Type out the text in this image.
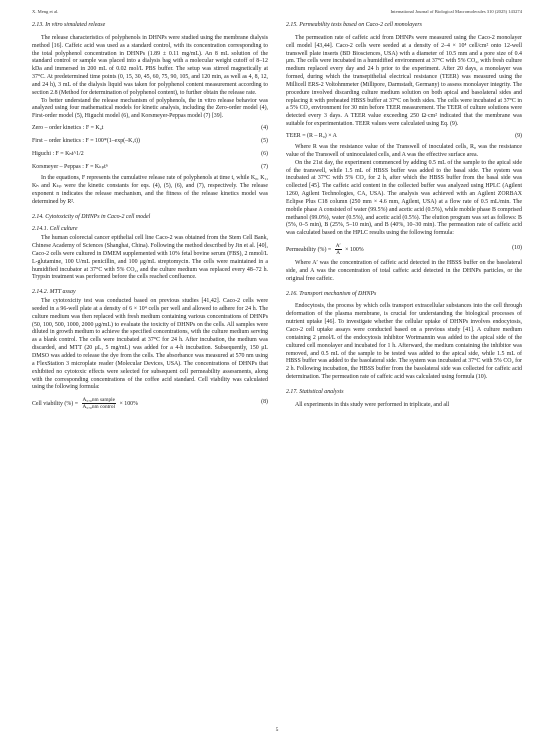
X. Meng et al.	International Journal of Biological Macromolecules 310 (2025) 143274
2.13. In vitro simulated release

The release characteristics of polyphenols in DHNPs were studied using the membrane dialysis method [16]. Caffeic acid was used as a standard control, with its concentration corresponding to the total polyphenol concentration in DHNPs (1.89 ± 0.11 mg/mL). An 8 mL solution of the standard control or sample was placed into a dialysis bag with a molecular weight cutoff of 8–12 kDa and immersed in 200 mL of 0.02 mol/L PBS buffer. The setup was stirred magnetically at 37°C. At predetermined time points (0, 15, 30, 45, 60, 75, 90, 105, and 120 min, as well as 4, 8, 12, and 24 h), 3 mL of the dialysis liquid was taken for polyphenol content measurement according to section 2.8 (Method for determination of polyphenol content), to further obtain the release rate.

To better understand the release mechanism of polyphenols, the in vitro release behavior was analyzed using four mathematical models for kinetic analysis, including the Zero-order model (4), First-order model (5), Higuchi model (6), and Korsmeyer-Peppas model (7) [39].

Zero – order kinetics : F = K₀t	(4)
First – order kinetics : F = 100*(1–exp(–K₁t))	(5)
Higuchi : F = Kₕt^1/2	(6)
Korsmeyer – Peppas : F = Kₖₚtⁿ	(7)

In the equations, F represents the cumulative release rate of polyphenols at time t, while K₀, K₁, Kₕ and Kₖₚ were the kinetic constants for eqs. (4), (5), (6), and (7), respectively. The release exponent n indicates the release mechanism, and the fitness of the release kinetics model was determined by R².

2.14. Cytotoxicity of DHNPs in Caco-2 cell model
2.14.1. Cell culture

The human colorectal cancer epithelial cell line Caco-2 was obtained from the Stem Cell Bank, Chinese Academy of Sciences (Shanghai, China). Following the method described by Jin et al. [40], Caco-2 cells were cultured in DMEM supplemented with 10% fetal bovine serum (FBS), 2 mmol/L L-glutamine, 100 U/mL penicillin, and 100 μg/mL streptomycin. The cells were maintained in a humidified incubator at 37°C with 5% CO₂, and the culture medium was replaced every 48–72 h. Trypsin treatment was performed before the cells reached confluence.

2.14.2. MTT assay

The cytotoxicity test was conducted based on previous studies [41,42]. Caco-2 cells were seeded in a 96-well plate at a density of 6 × 10⁴ cells per well and allowed to adhere for 24 h. The culture medium was then replaced with fresh medium containing various concentrations of DHNPs (50, 100, 500, 1000, 2000 μg/mL) to evaluate the toxicity of DHNPs on the cells. All samples were diluted in growth medium to achieve the specified concentrations, with the culture medium serving as a blank control. The cells were incubated at 37°C for 24 h. After incubation, the medium was discarded, and MTT (20 μL, 5 mg/mL) was added for a 4-h incubation. Subsequently, 150 μL DMSO was added to release the dye from the cells. The absorbance was measured at 570 nm using a FlexStation 3 microplate reader (Molecular Devices, USA). The concentrations of DHNPs that exhibited no cytotoxic effects were selected for subsequent cell permeability assessments, along with the corresponding concentrations of the coffee acid standard. Cell viability was calculated using the following formula:

Cell viability (%) = $\frac{\text{A₅₇₀nm sample}}{\text{A₅₇₀nm control}} \times 100\%$	(8)
2.15. Permeability tests based on Caco-2 cell monolayers

The permeation rate of caffeic acid from DHNPs were measured using the Caco-2 monolayer cell model [43,44]. Caco-2 cells were seeded at a density of 2–4 × 10⁴ cell/cm² onto 12-well transwell plate inserts (BD Biosciences, USA) with a diameter of 10.5 mm and a pore size of 0.4 μm. The cells were incubated in a humidified environment at 37°C with 5% CO₂, with fresh culture medium replaced every day and 24 h prior to the experiment. After 20 days, a monolayer was formed, during which the transepithelial electrical resistance (TEER) was measured using the Millicell ERS-2 Voltohmmeter (Millipore, Darmstadt, Germany) to assess monolayer integrity. The procedure involved discarding culture medium solution on both apical and basolateral sides and replacing it with preheated HBSS buffer at 37°C on both sides. The cells were incubated at 37°C in a 5% CO₂ environment for 30 min before TEER measurement. The TEER of culture solutions were detected every 3 days. A TEER value exceeding 250 Ω·cm² indicated that the membrane was suitable for experimentation. TEER values were calculated using Eq. (9).

TEER = (R – R₀) × A	(9)

Where R was the resistance value of the Transwell of inoculated cells, R₀ was the resistance value of the Transwell of uninoculated cells, and A was the effective surface area.

On the 21st day, the experiment commenced by adding 0.5 mL of the sample to the apical side of the transwell, while 1.5 mL of HBSS buffer was added to the basal side. The system was incubated at 37°C with 5% CO₂ for 2 h, after which the HBSS buffer from the basal side was collected [45]. The caffeic acid content in the collected buffer was analyzed using HPLC (Agilent 1260, Agilent Technologies, CA, USA). The analysis was achieved with an Agilent ZORBAX Eclipse Plus C18 column (250 mm × 4.6 mm, Agilent, USA) at a flow rate of 0.5 mL/min. The mobile phase A consisted of water (99.5%) and acetic acid (0.5%), while mobile phase B comprised methanol (99.0%), water (0.5%), and acetic acid (0.5%). The elution program was set as follows: B (5%, 0–5 min), B (25%, 5–10 min), and B (40%, 10–30 min). The permeation rate of caffeic acid was calculated based on the HPLC results using the following formula:

Permeability (%) = $\frac{A'}{A} \times 100\%$	(10)

Where A′ was the concentration of caffeic acid detected in the HBSS buffer on the basolateral side, and A was the concentration of total caffeic acid detected in the DHNPs particles, or the original free caffeic.

2.16. Transport mechanism of DHNPs

Endocytosis, the process by which cells transport extracellular substances into the cell through deformation of the plasma membrane, is crucial for understanding the biological processes of nutrient uptake [46]. To investigate whether the cellular uptake of DHNPs involves endocytosis, Caco-2 cell uptake assays were conducted based on a previous study [41]. A culture medium containing 2 μmol/L of the endocytosis inhibitor Wortmannin was added to the apical side of the cultured cell monolayer and incubated for 1 h. Afterward, the medium containing the inhibitor was removed, and 0.5 mL of the sample to be tested was added to the apical side, while 1.5 mL of HBSS buffer was added to the basolateral side. The system was incubated at 37°C with 5% CO₂ for 2 h. Following incubation, the HBSS buffer from the basolateral side was collected for caffeic acid determination. The permeation rate of caffeic acid was calculated using formula (10).

2.17. Statistical analysis

All experiments in this study were performed in triplicate, and all

5
